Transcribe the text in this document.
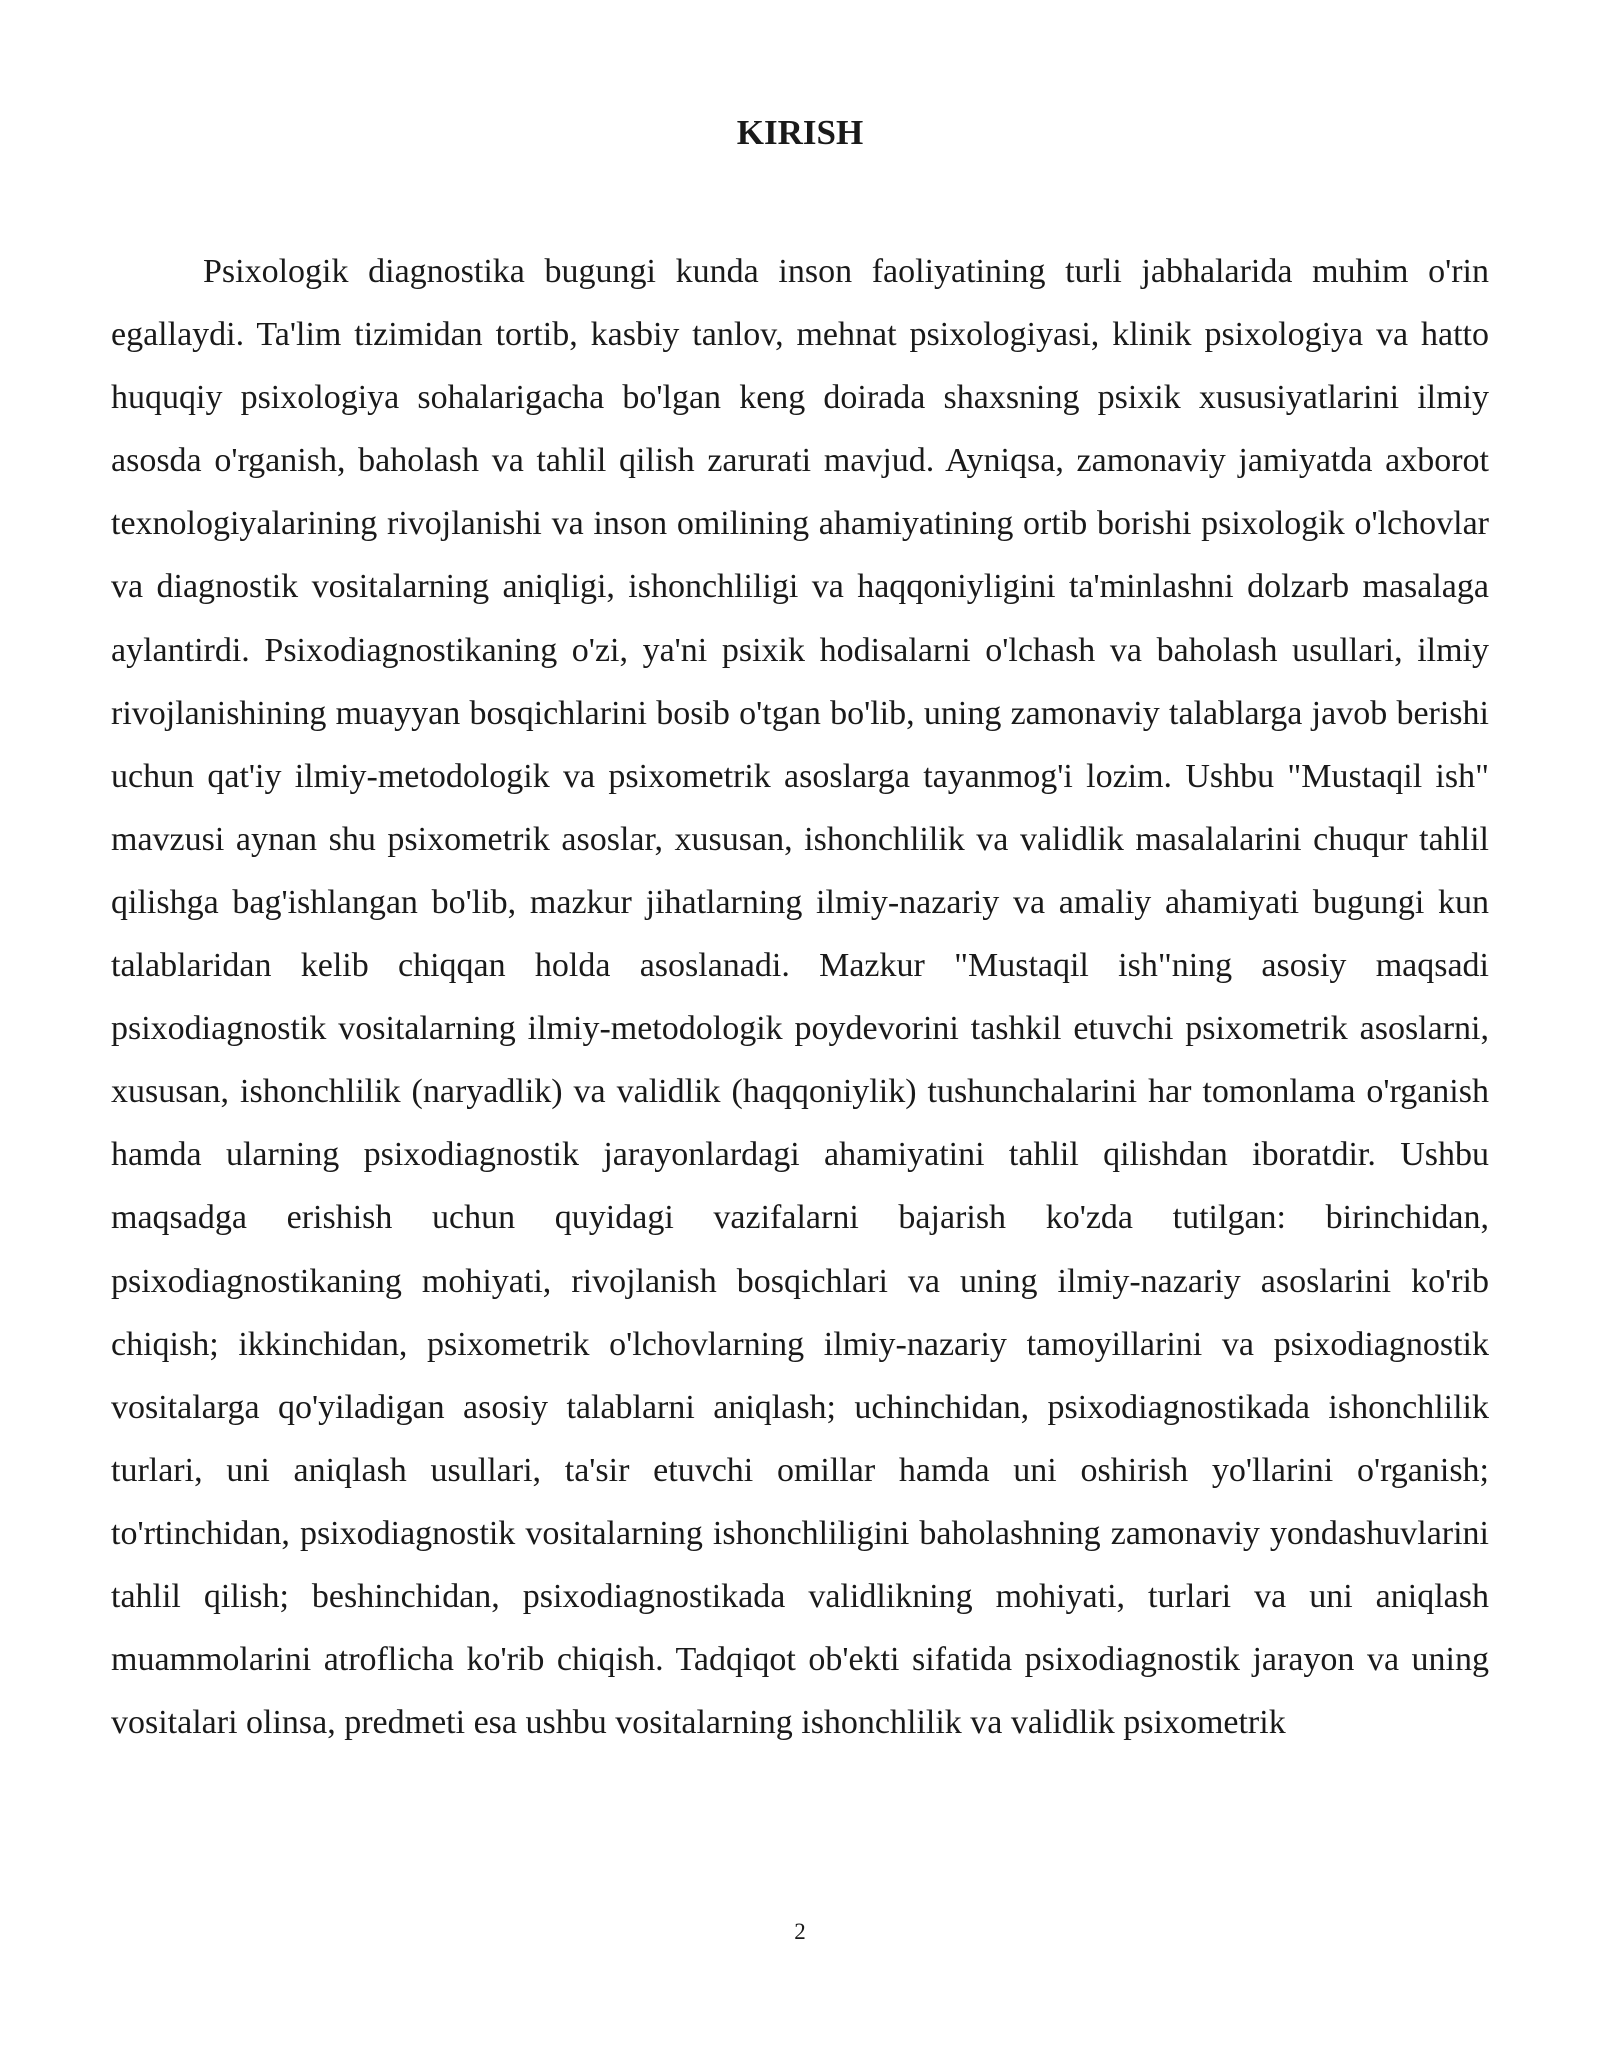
KIRISH

Psixologik diagnostika bugungi kunda inson faoliyatining turli jabhalarida muhim o'rin egallaydi. Ta'lim tizimidan tortib, kasbiy tanlov, mehnat psixologiyasi, klinik psixologiya va hatto huquqiy psixologiya sohalarigacha bo'lgan keng doirada shaxsning psixik xususiyatlarini ilmiy asosda o'rganish, baholash va tahlil qilish zarurati mavjud. Ayniqsa, zamonaviy jamiyatda axborot texnologiyalarining rivojlanishi va inson omilining ahamiyatining ortib borishi psixologik o'lchovlar va diagnostik vositalarning aniqligi, ishonchliligi va haqqoniyligini ta'minlashni dolzarb masalaga aylantirdi. Psixodiagnostikaning o'zi, ya'ni psixik hodisalarni o'lchash va baholash usullari, ilmiy rivojlanishining muayyan bosqichlarini bosib o'tgan bo'lib, uning zamonaviy talablarga javob berishi uchun qat'iy ilmiy-metodologik va psixometrik asoslarga tayanmog'i lozim. Ushbu "Mustaqil ish" mavzusi aynan shu psixometrik asoslar, xususan, ishonchlilik va validlik masalalarini chuqur tahlil qilishga bag'ishlangan bo'lib, mazkur jihatlarning ilmiy-nazariy va amaliy ahamiyati bugungi kun talablaridan kelib chiqqan holda asoslanadi. Mazkur "Mustaqil ish"ning asosiy maqsadi psixodiagnostik vositalarning ilmiy-metodologik poydevorini tashkil etuvchi psixometrik asoslarni, xususan, ishonchlilik (naryadlik) va validlik (haqqoniylik) tushunchalarini har tomonlama o'rganish hamda ularning psixodiagnostik jarayonlardagi ahamiyatini tahlil qilishdan iboratdir. Ushbu maqsadga erishish uchun quyidagi vazifalarni bajarish ko'zda tutilgan: birinchidan, psixodiagnostikaning mohiyati, rivojlanish bosqichlari va uning ilmiy-nazariy asoslarini ko'rib chiqish; ikkinchidan, psixometrik o'lchovlarning ilmiy-nazariy tamoyillarini va psixodiagnostik vositalarga qo'yiladigan asosiy talablarni aniqlash; uchinchidan, psixodiagnostikada ishonchlilik turlari, uni aniqlash usullari, ta'sir etuvchi omillar hamda uni oshirish yo'llarini o'rganish; to'rtinchidan, psixodiagnostik vositalarning ishonchliligini baholashning zamonaviy yondashuvlarini tahlil qilish; beshinchidan, psixodiagnostikada validlikning mohiyati, turlari va uni aniqlash muammolarini atroflicha ko'rib chiqish. Tadqiqot ob'ekti sifatida psixodiagnostik jarayon va uning vositalari olinsa, predmeti esa ushbu vositalarning ishonchlilik va validlik psixometrik

2
